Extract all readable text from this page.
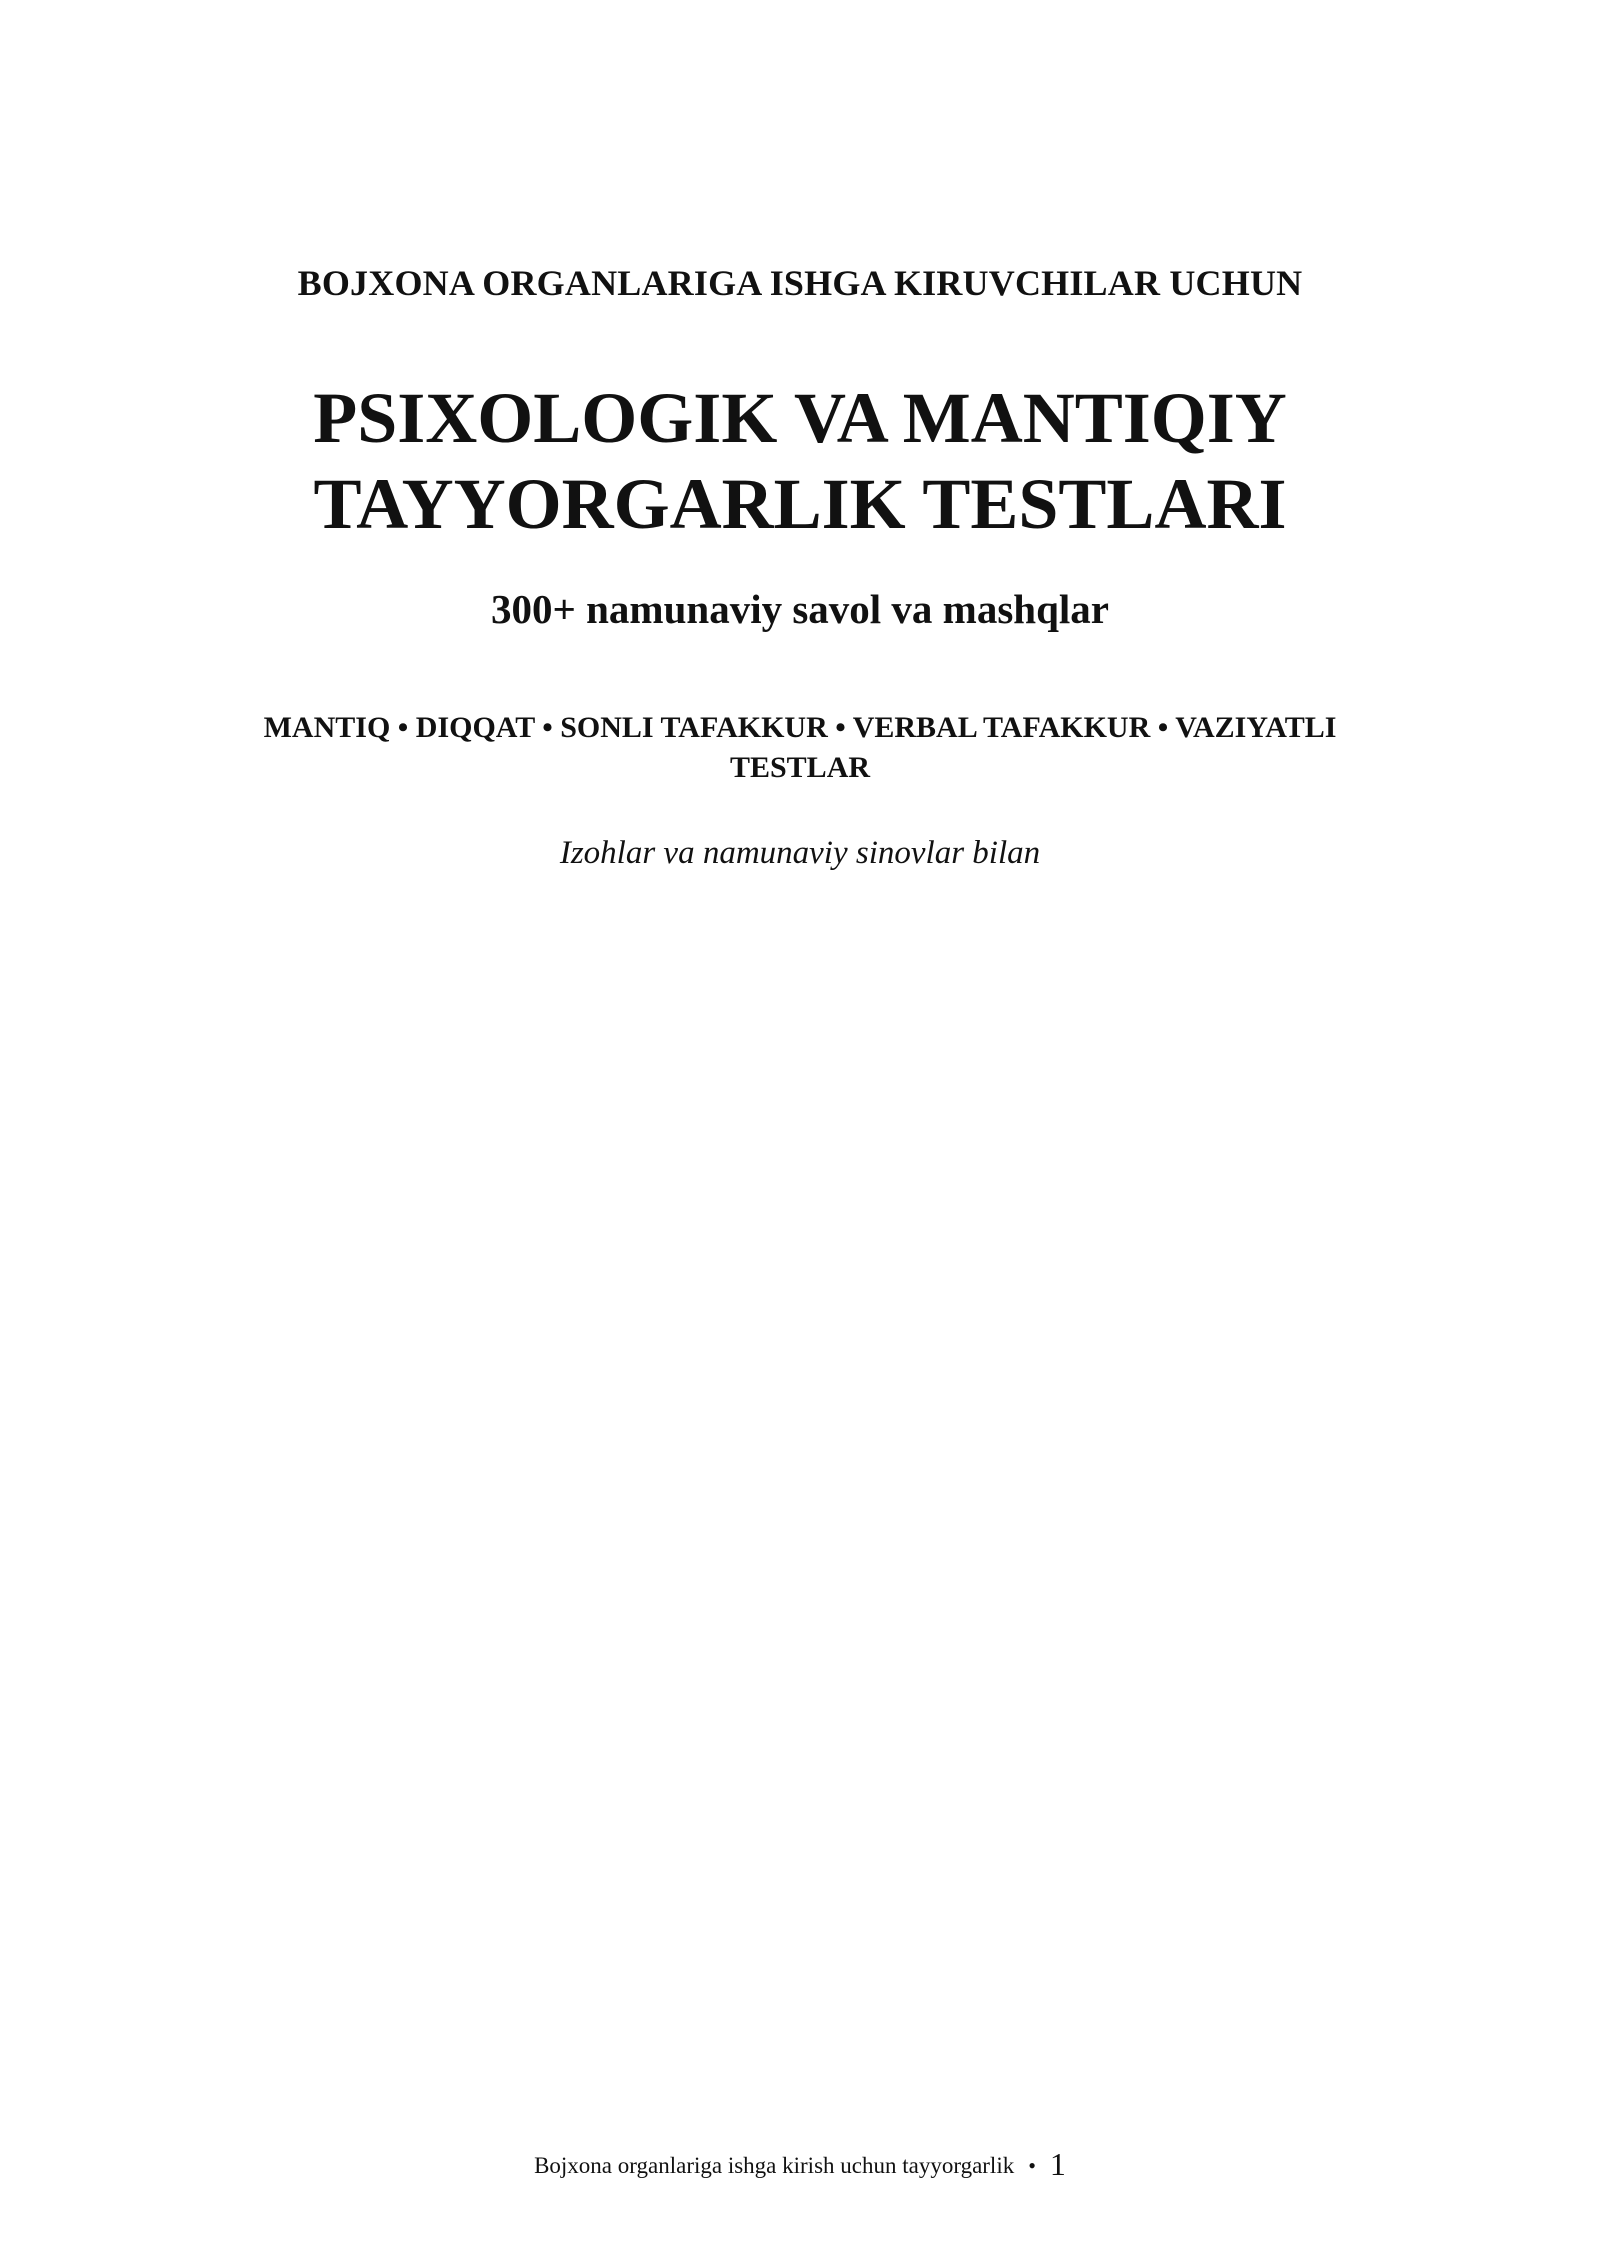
BOJXONA ORGANLARIGA ISHGA KIRUVCHILAR UCHUN

PSIXOLOGIK VA MANTIQIY
TAYYORGARLIK TESTLARI

300+ namunaviy savol va mashqlar

MANTIQ • DIQQAT • SONLI TAFAKKUR • VERBAL TAFAKKUR • VAZIYATLI
TESTLAR

Izohlar va namunaviy sinovlar bilan

Bojxona organlariga ishga kirish uchun tayyorgarlik • 1
